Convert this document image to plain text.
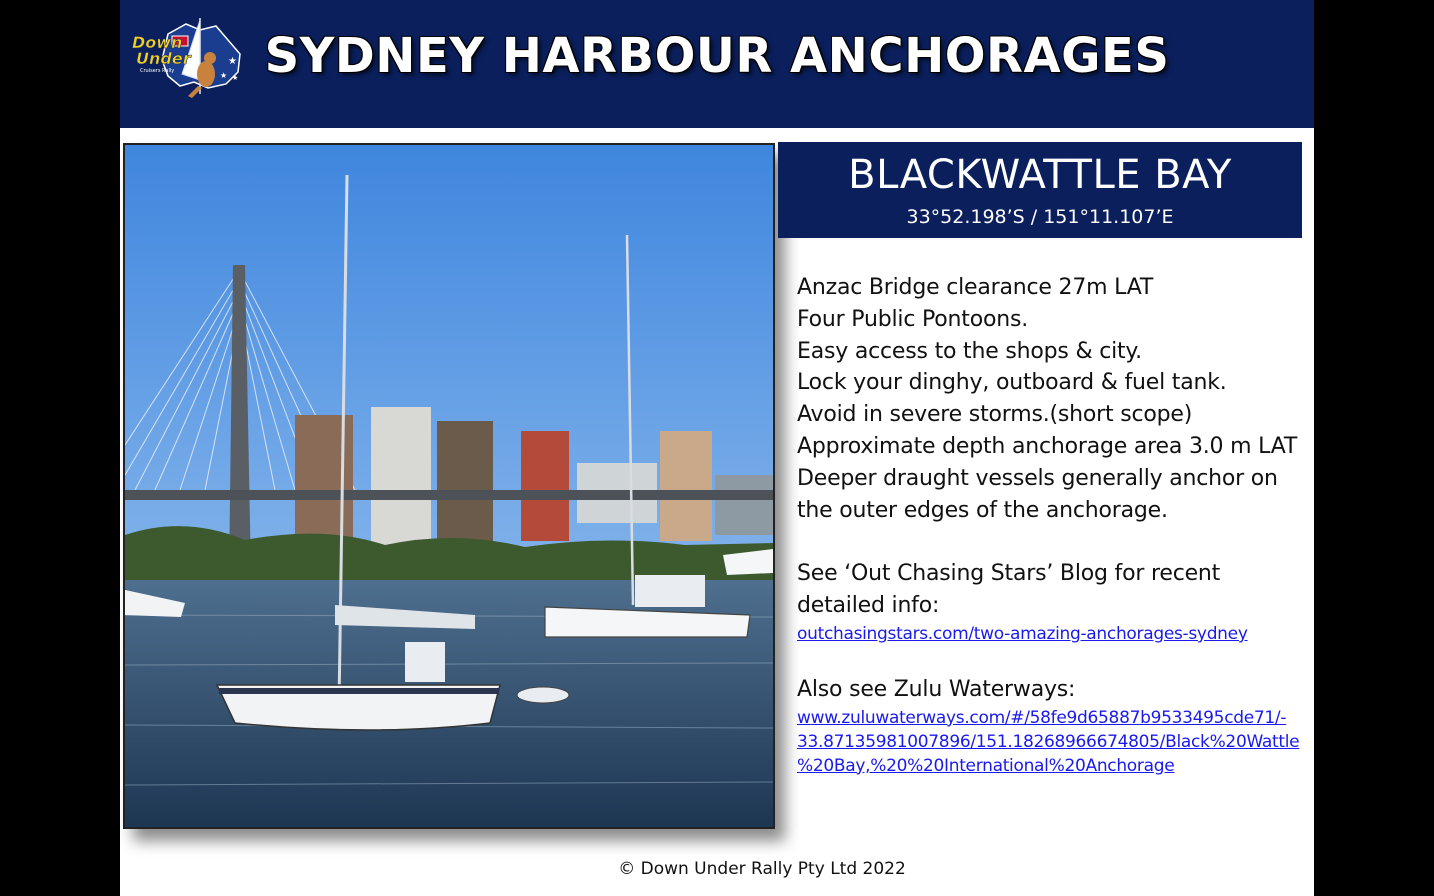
★
★ ★
Down
Under
Cruisers Rally	SYDNEY HARBOUR ANCHORAGES
BLACKWATTLE BAY
33°52.198’S / 151°11.107’E
Anzac Bridge clearance 27m LAT
Four Public Pontoons.
Easy access to the shops & city.
Lock your dinghy, outboard & fuel tank.
Avoid in severe storms.(short scope)
Approximate depth anchorage area 3.0 m LAT
Deeper draught vessels generally anchor on
the outer edges of the anchorage.
See ‘Out Chasing Stars’ Blog for recent
detailed info:
outchasingstars.com/two-amazing-anchorages-sydney
Also see Zulu Waterways:
www.zuluwaterways.com/#/58fe9d65887b9533495cde71/-
33.87135981007896/151.18268966674805/Black%20Wattle
%20Bay,%20%20International%20Anchorage
© Down Under Rally Pty Ltd 2022
